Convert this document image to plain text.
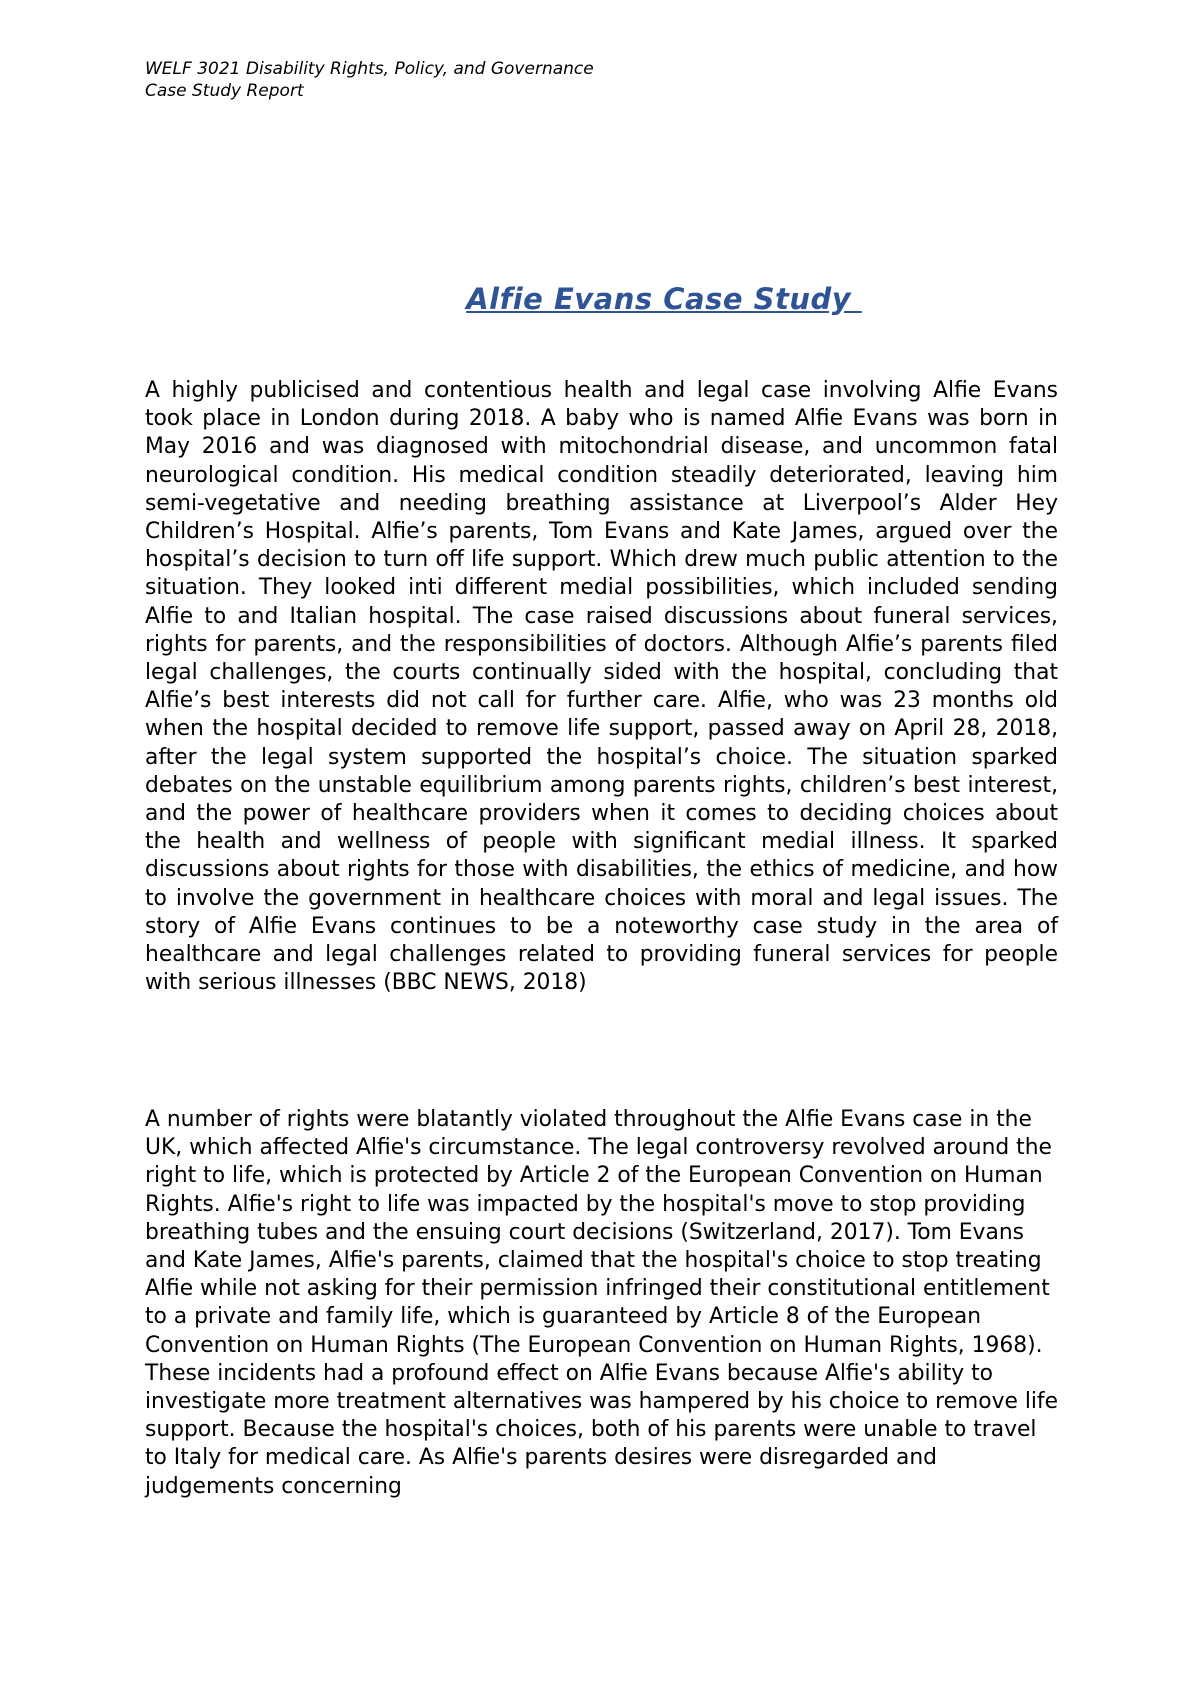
WELF 3021 Disability Rights, Policy, and Governance
Case Study Report
Alfie Evans Case Study

A highly publicised and contentious health and legal case involving Alfie Evans took place in London during 2018. A baby who is named Alfie Evans was born in May 2016 and was diagnosed with mitochondrial disease, and uncommon fatal neurological condition. His medical condition steadily deteriorated, leaving him semi-vegetative and needing breathing assistance at Liverpool’s Alder Hey Children’s Hospital. Alfie’s parents, Tom Evans and Kate James, argued over the hospital’s decision to turn off life support. Which drew much public attention to the situation. They looked inti different medial possibilities, which included sending Alfie to and Italian hospital. The case raised discussions about funeral services, rights for parents, and the responsibilities of doctors. Although Alfie’s parents filed legal challenges, the courts continually sided with the hospital, concluding that Alfie’s best interests did not call for further care. Alfie, who was 23 months old when the hospital decided to remove life support, passed away on April 28, 2018, after the legal system supported the hospital’s choice. The situation sparked debates on the unstable equilibrium among parents rights, children’s best interest, and the power of healthcare providers when it comes to deciding choices about the health and wellness of people with significant medial illness. It sparked discussions about rights for those with disabilities, the ethics of medicine, and how to involve the government in healthcare choices with moral and legal issues. The story of Alfie Evans continues to be a noteworthy case study in the area of healthcare and legal challenges related to providing funeral services for people with serious illnesses (BBC NEWS, 2018)

A number of rights were blatantly violated throughout the Alfie Evans case in the UK, which affected Alfie's circumstance. The legal controversy revolved around the right to life, which is protected by Article 2 of the European Convention on Human Rights. Alfie's right to life was impacted by the hospital's move to stop providing breathing tubes and the ensuing court decisions (Switzerland, 2017). Tom Evans and Kate James, Alfie's parents, claimed that the hospital's choice to stop treating Alfie while not asking for their permission infringed their constitutional entitlement to a private and family life, which is guaranteed by Article 8 of the European Convention on Human Rights (The European Convention on Human Rights, 1968). These incidents had a profound effect on Alfie Evans because Alfie's ability to investigate more treatment alternatives was hampered by his choice to remove life support. Because the hospital's choices, both of his parents were unable to travel to Italy for medical care. As Alfie's parents desires were disregarded and judgements concerning
